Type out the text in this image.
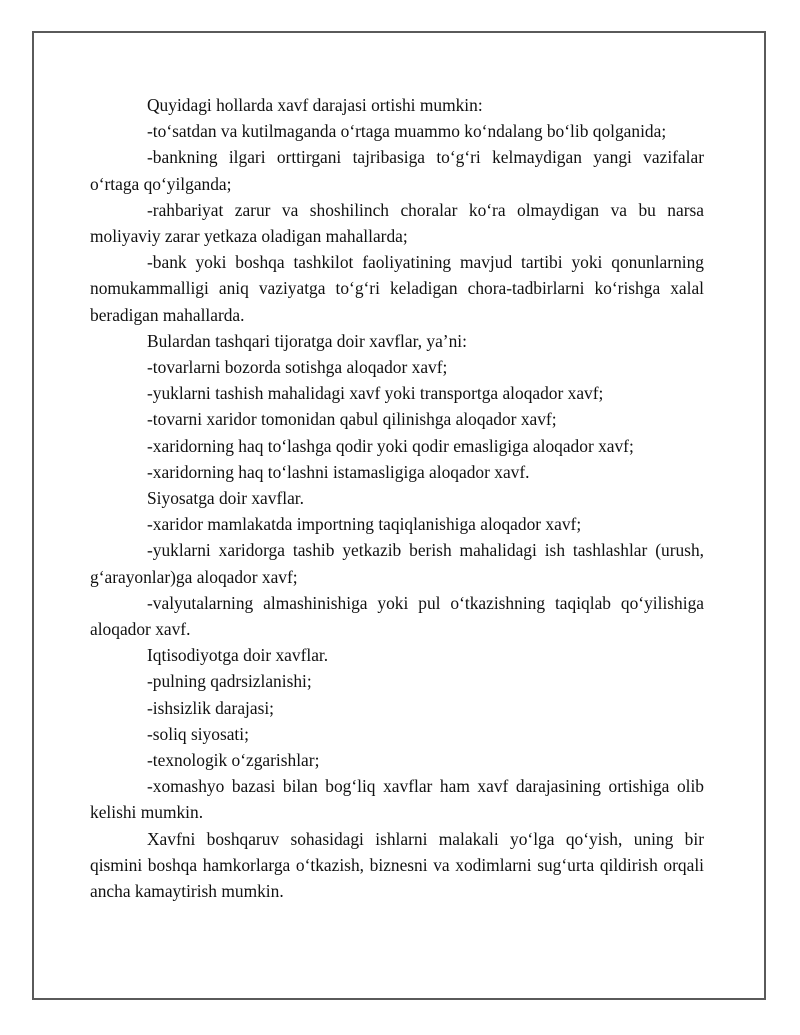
Quyidagi hollarda xavf darajasi ortishi mumkin:

-to‘satdan va kutilmaganda o‘rtaga muammo ko‘ndalang bo‘lib qolganida;

-bankning ilgari orttirgani tajribasiga to‘g‘ri kelmaydigan yangi vazifalar o‘rtaga qo‘yilganda;

-rahbariyat zarur va shoshilinch choralar ko‘ra olmaydigan va bu narsa moliyaviy zarar yetkaza oladigan mahallarda;

-bank yoki boshqa tashkilot faoliyatining mavjud tartibi yoki qonunlarning nomukammalligi aniq vaziyatga to‘g‘ri keladigan chora-tadbirlarni ko‘rishga xalal beradigan mahallarda.

Bulardan tashqari tijoratga doir xavflar, ya’ni:

-tovarlarni bozorda sotishga aloqador xavf;

-yuklarni tashish mahalidagi xavf yoki transportga aloqador xavf;

-tovarni xaridor tomonidan qabul qilinishga aloqador xavf;

-xaridorning haq to‘lashga qodir yoki qodir emasligiga aloqador xavf;

-xaridorning haq to‘lashni istamasligiga aloqador xavf.

Siyosatga doir xavflar.

-xaridor mamlakatda importning taqiqlanishiga aloqador xavf;

-yuklarni xaridorga tashib yetkazib berish mahalidagi ish tashlashlar (urush, g‘arayonlar)ga aloqador xavf;

-valyutalarning almashinishiga yoki pul o‘tkazishning taqiqlab qo‘yilishiga aloqador xavf.

Iqtisodiyotga doir xavflar.

-pulning qadrsizlanishi;

-ishsizlik darajasi;

-soliq siyosati;

-texnologik o‘zgarishlar;

-xomashyo bazasi bilan bog‘liq xavflar ham xavf darajasining ortishiga olib kelishi mumkin.

Xavfni boshqaruv sohasidagi ishlarni malakali yo‘lga qo‘yish, uning bir qismini boshqa hamkorlarga o‘tkazish, biznesni va xodimlarni sug‘urta qildirish orqali ancha kamaytirish mumkin.
